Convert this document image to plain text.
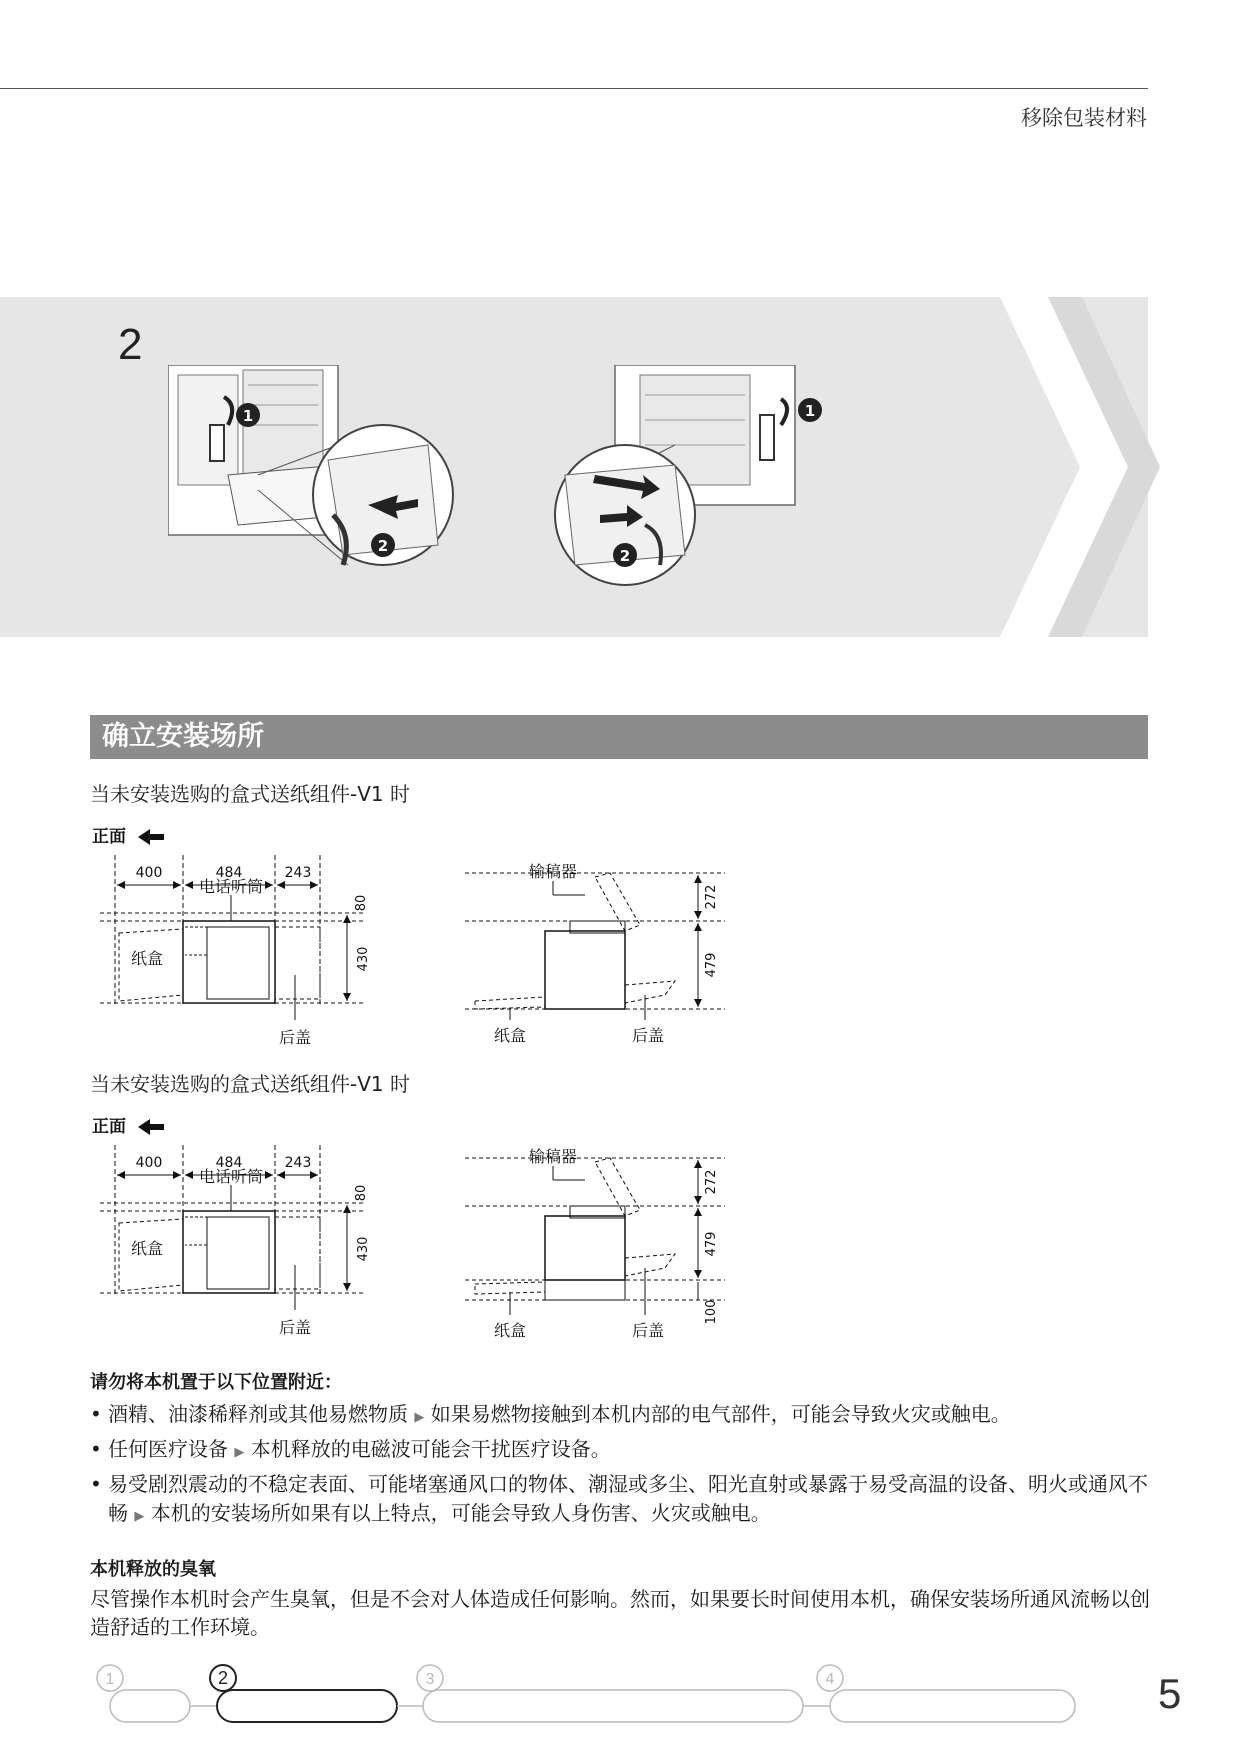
移除包装材料
2
1
2
1
2
确立安装场所
当未安装选购的盒式送纸组件-V1 时
正面
400	484	243
80
430
电话听筒
纸盒
后盖
输稿器
272
479
纸盒	后盖
当未安装选购的盒式送纸组件-V1 时
正面
400	484	243
80
430
电话听筒
纸盒
后盖
输稿器
272
479
100
纸盒	后盖
请勿将本机置于以下位置附近：
• 酒精、油漆稀释剂或其他易燃物质 ▶ 如果易燃物接触到本机内部的电气部件，可能会导致火灾或触电。
• 任何医疗设备 ▶ 本机释放的电磁波可能会干扰医疗设备。
• 易受剧烈震动的不稳定表面、可能堵塞通风口的物体、潮湿或多尘、阳光直射或暴露于易受高温的设备、明火或通风不畅 ▶ 本机的安装场所如果有以上特点，可能会导致人身伤害、火灾或触电。
本机释放的臭氧
尽管操作本机时会产生臭氧，但是不会对人体造成任何影响。然而，如果要长时间使用本机，确保安装场所通风流畅以创造舒适的工作环境。
1	2	3	4	5
